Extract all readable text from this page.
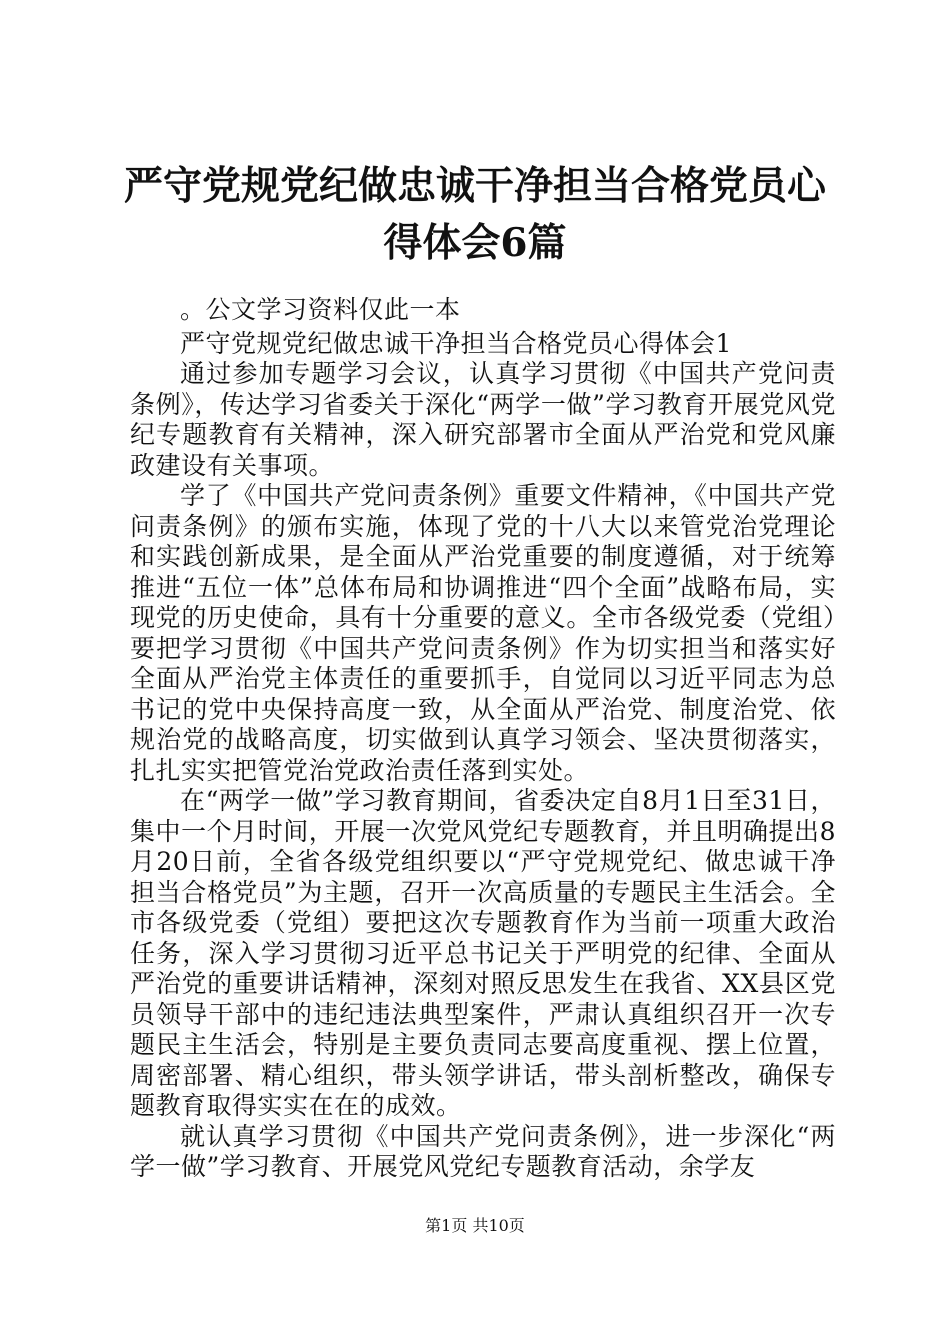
严守党规党纪做忠诚干净担当合格党员心得体会6篇

。公文学习资料仅此一本

严守党规党纪做忠诚干净担当合格党员心得体会1

通过参加专题学习会议，认真学习贯彻《中国共产党问责条例》，传达学习省委关于深化“两学一做”学习教育开展党风党纪专题教育有关精神，深入研究部署市全面从严治党和党风廉政建设有关事项。

学了《中国共产党问责条例》重要文件精神，《中国共产党问责条例》的颁布实施，体现了党的十八大以来管党治党理论和实践创新成果，是全面从严治党重要的制度遵循，对于统筹推进“五位一体”总体布局和协调推进“四个全面”战略布局，实现党的历史使命，具有十分重要的意义。全市各级党委（党组）要把学习贯彻《中国共产党问责条例》作为切实担当和落实好全面从严治党主体责任的重要抓手，自觉同以习近平同志为总书记的党中央保持高度一致，从全面从严治党、制度治党、依规治党的战略高度，切实做到认真学习领会、坚决贯彻落实，扎扎实实把管党治党政治责任落到实处。

在“两学一做”学习教育期间，省委决定自8月1日至31日，集中一个月时间，开展一次党风党纪专题教育，并且明确提出8月20日前，全省各级党组织要以“严守党规党纪、做忠诚干净担当合格党员”为主题，召开一次高质量的专题民主生活会。全市各级党委（党组）要把这次专题教育作为当前一项重大政治任务，深入学习贯彻习近平总书记关于严明党的纪律、全面从严治党的重要讲话精神，深刻对照反思发生在我省、XX县区党员领导干部中的违纪违法典型案件，严肃认真组织召开一次专题民主生活会，特别是主要负责同志要高度重视、摆上位置，周密部署、精心组织，带头领学讲话，带头剖析整改，确保专题教育取得实实在在的成效。

就认真学习贯彻《中国共产党问责条例》，进一步深化“两学一做”学习教育、开展党风党纪专题教育活动，余学友

第1页 共10页
